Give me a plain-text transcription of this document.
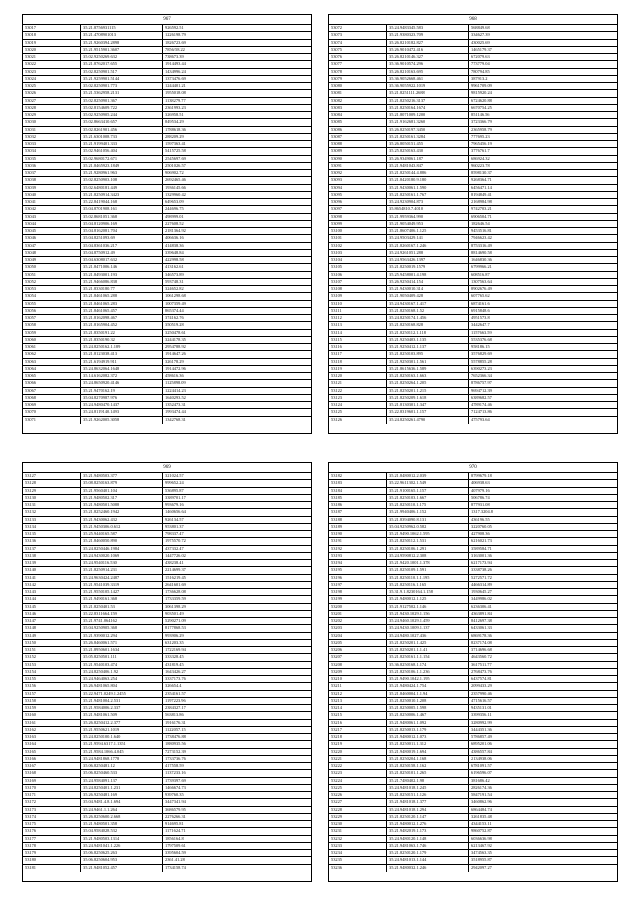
967
53017	35.21.8756931115	926592.51
53018	35.21.4708901013	1226198.79
53019	35.21.9260394.2898	1826723.69
53020	35.21.9515901.3607	7856/58.22
53021	35.02.9250269.632	738673.39
53022	35.21.8762017.655	1914493.44
53023	35.02.8250901.517	1434996.24
53024	35.21.9259901.5144	1373476.69
53025	35.02.8250901.773	1244401.21
53026	35.21.5362958.2131	1955018.08
53027	35.02.8250901.367	1138279.77
53028	35.02.8154609.722	2361993.23
53029	35.02.9250905.244	326958.51
53030	35.02.8663410.657	849534.29
53031	35.02.8261901.456	1788618.36
53032	35.21.6301008.733	288209.29
53033	35.21.9199401.333	1597363.41
53034	35.02.9461056.404	5415725.58
53035	35.02.9680172.671	2545697.69
53036	35.21.8465923.1849	2501026.57
53037	35.21.9280961.963	906902.72
53038	35.02.8250903.108	2692465.46
53039	35.02.6480181.449	1936145.66
53040	35.21.8250914.3423	1329960.42
53041	35.22.8419044.168	649653.09
53042	35.04.8701908.161	244696.75
53043	35.02.8681051.368	498999.01
53044	35.04.8120906.169	227608.52
53045	35.04.8162081.704	2181364.92
53046	35.04.8251093.69	406636.16
53047	35.04.8361036.217	414838.36
53048	35.04.8750912.49	339648.84
53049	35.04.6308017.632	422998.58
53050	35.21.8471006.146	413162.61
53051	35.21.8493001.193	346573.89
53052	35.21.9466086.838	593748.31
53053	35.21.8330180.77	324652.82
53054	35.21.8461065.288	1061298.68
53055	35.21.8461065.283	1007359.49
53056	35.21.8461065.457	865374.44
53057	35.21.8162098.467	374162.76
53058	35.21.8165904.452	350519.28
53059	35.21.8350191.22	3250478.61
53060	35.21.8350190.32	3244178.35
53061	35.24.8250162.1.189	2954788.92
53062	35.21.8123038.413	1914647.26
53063	35.21.6194919.911	326178.29
53064	35.24.8632064.1648	1914472.96
53065	35.14.6162082.372	458616.36
53066	35.24.8650920.4146	1125898.09
53067	35.21.9470162.19	1224414.23
53068	35.04.8270987.976	1640293.52
53069	35.24.9480470.1437	1352473.31
53070	35.24.8119140.1493	1993474.44
53071	35.21.9262005.3058	1342768.31
968
53072	35.24.9483345.583	568849.68
53073	35.21.9380323.709	334627.39
53074	35.26.8210182.827	430025.69
53075	35.26.9010472.416	1465179.37
53076	35.26.8210146.327	672079.63
53077	35.36.9010574.296	773779.04
53078	35.26.8210163.695	780794.85
53079	35.36.9052668.461	387913.2
53080	35.36.9055922.1019	9961709.09
53081	35.21.8251111.2688	9815920.24
53082	35.21.8250216.3137	6724620.88
53083	35.21.8250164.1674	6670754.25
53084	35.21.8071009.1200	851146.56
53085	35.21.9162681.3260	3723366.79
53086	35.26.8250197.3450	2365958.79
53087	35.21.8250161.3284	777695.23
53088	35.26.8050151.455	7965456.19
53089	35.25.8250163.430	3776761.7
53090	35.26.9349061.187	686924.32
53091	35.21.9481043.847	960223.78
53092	35.21.8250144.4.886	8598130.37
53093	35.21.8420180.9.180	9268364.71
53094	35.21.9430061.1.590	6456471.14
53095	35.21.8250161.1.767	8194849.41
53096	35.24.9230904.873	2168984.98
53097	35.8654810.7.4010	9742703.21
53098	35.21.9959364.990	6906504.71
53099	35.21.9054049.953	182646.54
53100	35.21.8607406.1.125	9453516.81
53101	35.24.9503429.141	7946623.42
53102	35.21.8260167.1.246	8753316.49
53103	35.24.9261051.288	8814690.58
53104	35.24.9563426.1397	1646830.36
53105	35.21.8250019.1579	6799966.21
53106	35.25.9458001.4.198	608516.87
53107	35.26.9250414.154	1307563.64
53108	35.21.9430010.314	8902676.49
53109	35.21.9050409.428	607765.62
53110	35.24.9430167.1.417	6874161.6
53111	35.21.8250168.1.52	6915848.6
53112	35.24.8250174.1.456	4951573.8
53113	35.21.8250168.828	3442647.7
53114	35.21.8250112.1.118	1157663.59
53115	35.21.9250403.1.135	5535376.68
53116	35.21.9250412.1.137	958186.15
53117	35.21.8250103.895	3576829.69
53118	35.21.9250301.1.561	5578855.28
53119	35.21.8615636.1.589	6390273.23
53120	35.21.8250163.1.663	7652366.34
53121	35.21.8250264.1.205	8786757.97
53122	35.21.8250201.1.215	9694712.39
53123	35.21.8250209.1.618	6389682.57
53124	35.21.8130301.1.347	4789174.46
53125	35.22.8319601.1.157	7124713.86
53126	35.24.8250261.4790	475793.64
969
53127	35.21.9480503.377	321024.57
53128	35.08.8250163.879	999652.24
53129	35.21.9560401.104	536895.87
53130	35.21.9480502.317	3389701.17
53131	35.21.9480501.5088	993679.16
53132	35.21.8252460.1942	1460656.64
53133	35.21.9430062.432	926134.57
53134	35.21.9450306.0.612	953801.37
53135	35.25.9440165.587	798337.47
53136	35.21.8460050.890	1975570.72
53137	35.24.8250446.1984	437332.47
53138	35.24.9430020.1069	1447726.02
53139	35.24.9540116.530	438238.41
53140	35.21.8250914.231	2214699.37
53141	35.24.9630424.2487	1516219.45
53142	35.21.9541039.3319	2641601.69
53143	35.21.9550105.1427	1736628.08
53144	35.21.9490161.368	1733359.59
53145	35.21.8250401.53	3061398.29
53146	35.22.8311664.159	903501.49
53147	35.21.9741.064162	5290271.09
53148	35.04.9250905.368	8177868.53
53149	35.21.9390012.294	993906.29
53150	35.26.8460061.571	631203.35
53151	35.21.8950601.1634	1722169.94
53152	35.05.8250501.111	333328.45
53153	35.21.9540103.474	431819.45
53154	35.24.8250406.1.92	1643426.27
53155	35.24.9464063.254	3337173.76
53156	35.26.9481065.804	326654.4
53157	35.22.9471.0249.1.2455	2354161.57
53158	35.21.9481004.2.531	1197223.96
53159	35.21.9584006.2.337	2384327.17
53160	35.21.9481061.509	563813.86
53161	35.26.8250412.2.377	1916176.31
53162	35.21.9550621.1019	1122057.15
53163	35.24.8250100.1.640	1738476.88
53164	35.21.9594.6317.1.1351	1880935.56
53165	35.21.9584.1066.4.045	7273152.39
53166	35.24.9481868.1778	1733736.76
53167	35.06.8250481.12	417558.59
53168	35.06.8250460.533	1137233.16
53169	35.24.9584091.137	1739397.69
53170	35.24.8250401.1.231	1466674.73
53171	35.26.9250481.169	939760.35
53172	35.04.9481.4.8.1.694	3447341.94
53173	35.24.9461.1.1.264	3686579.95
53174	35.26.8250600.2.668	2276266.31
53175	35.21.9480501.358	914695.81
53176	35.04.9584028.532	1171624.71
53177	35.21.9480503.1314	1856164.8
53178	35.24.9481041.1.226	1797509.61
53179	35.06.8250625.263	3395604.59
53180	35.06.8250604.953	2361.41.28
53181	35.21.9481052.457	1734158.74
970
53182	35.21.8480012.2.039	8799679.18
53183	35.22.9611302.1.549	406938.63
53184	35.21.9100165.1.157	407979.16
53185	35.21.8250103.1.667	506786.74
53186	35.21.8250110.1.175	877931.08
53187	35.21.9940406.1.152	1317.3204.8
53188	35.21.8394090.8.131	436196.55
53189	35.04.9250962.0.582	3220760.05
53190	35.21.9490.1062.1.595	427908.36
53191	35.21.8250112.1.531	6216021.73
53192	35.21.8250106.1.291	3589584.71
53193	35.24.9590812.2.308	3163001.36
53194	35.21.9420.1001.1.378	6217173.94
53195	35.21.8250109.1.591	3338738.26
53196	35.21.8250110.1.1.195	5272571.72
53197	35.21.8250116.1.165	4466314.89
53198	35.31.9.1.8230164.1.158	1930645.27
53199	35.21.9480012.1.125	3449986.02
53200	35.21.9127502.1.146	6236306.41
53201	35.21.9430.1029.1.156	4363891.84
53202	35.24.9460.1029.1.459	8412697.38
53203	35.24.9430.1009.1.137	6433061.33
53204	35.24.9480.1027.436	6869178.36
53205	35.21.8250201.1.425	8237174.08
53206	35.21.8250201.1.1.41	3714696.68
53207	35.21.8250161.1.1.154	4643560.72
53208	35.36.8250168.1.174	3617511.77
53209	35.21.8250106.1.1.236	2768473.76
53210	35.21.9490.1042.1.195	6437574.81
53211	35.21.9480424.1.754	2099433.29
53212	35.21.8460004.1.1.94	2357990.46
53213	35.21.8250010.1.208	4715616.57
53214	35.21.8250005.1.598	9435131.01
53215	35.21.8250006.1.467	3399356.11
53216	35.21.9480061.1.092	3280992.99
53217	35.21.8250013.1.179	3444351.36
53218	35.21.9480012.1.073	5786857.49
53219	35.21.8250011.1.312	6895201.06
53220	35.21.9480019.1.694	4386557.84
53221	35.21.8250204.1.168	2134938.06
53222	35.21.8250158.1.162	6781091.57
53223	35.21.8250101.1.265	6196596.07
53224	35.21.7480402.1.98	381686.42
53225	35.24.9481018.1.245	2826174.36
53226	35.21.8250151.1.126	5847191.54
53227	35.21.9481018.1.377	3460862.96
53228	35.24.9481018.1.294	6864484.74
53229	35.21.8250120.1.147	3261835.48
53230	35.21.9480012.1.276	4344153.11
53231	35.21.9482019.1.173	9860752.87
53232	35.24.9480120.1.148	6036636.98
53233	35.21.9481063.1.746	6213467.92
53234	35.21.8250120.1.179	3474563.35
53235	35.24.9481013.1.144	3518955.87
53236	35.21.9480032.1.246	2942097.27
